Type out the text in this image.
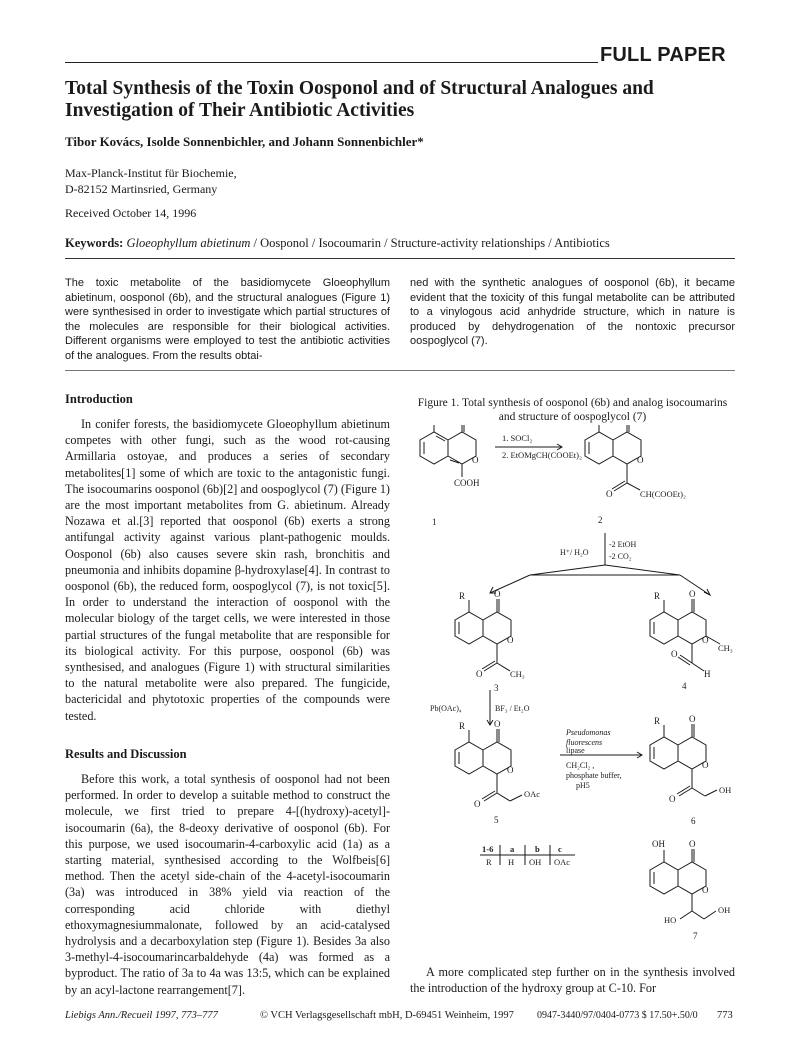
FULL PAPER
Total Synthesis of the Toxin Oosponol and of Structural Analogues and Investigation of Their Antibiotic Activities
Tibor Kovács, Isolde Sonnenbichler, and Johann Sonnenbichler*
Max-Planck-Institut für Biochemie,
D-82152 Martinsried, Germany
Received October 14, 1996
Keywords: Gloeophyllum abietinum / Oosponol / Isocoumarin / Structure-activity relationships / Antibiotics
The toxic metabolite of the basidiomycete Gloeophyllum abietinum, oosponol (6b), and the structural analogues (Figure 1) were synthesised in order to investigate which partial structures of the molecules are responsible for their biological activities. Different organisms were employed to test the antibiotic activities of the analogues. From the results obtai-
ned with the synthetic analogues of oosponol (6b), it became evident that the toxicity of this fungal metabolite can be attributed to a vinylogous acid anhydride structure, which in nature is produced by dehydrogenation of the nontoxic precursor oospoglycol (7).
Introduction

In conifer forests, the basidiomycete Gloeophyllum abietinum competes with other fungi, such as the wood rot-causing Armillaria ostoyae, and produces a series of secondary metabolites[1] some of which are toxic to the antagonistic fungi. The isocoumarins oosponol (6b)[2] and oospoglycol (7) (Figure 1) are the most important metabolites from G. abietinum. Already Nozawa et al.[3] reported that oosponol (6b) exerts a strong antifungal activity against various plant-pathogenic moulds. Oosponol (6b) also causes severe skin rash, bronchitis and pneumonia and inhibits dopamine β-hydroxylase[4]. In contrast to oosponol (6b), the reduced form, oospoglycol (7), is not toxic[5]. In order to understand the interaction of oosponol with the molecular biology of the target cells, we were interested in those partial structures of the fungal metabolite that are responsible for its biological activity. For this purpose, oosponol (6b) was synthesised, and analogues (Figure 1) with structural similarities to the natural metabolite were also prepared. The fungicide, bactericidal and phytotoxic properties of the compounds were tested.

Results and Discussion

Before this work, a total synthesis of oosponol had not been performed. In order to develop a suitable method to construct the molecule, we first tried to prepare 4-[(hydroxy)-acetyl]-isocoumarin (6a), the 8-deoxy derivative of oosponol (6b). For this purpose, we used isocoumarin-4-carboxylic acid (1a) as a starting material, synthesised according to the Wolfbeis[6] method. Then the acetyl side-chain of the 4-acetyl-isocoumarin (3a) was introduced in 38% yield via reaction of the corresponding acid chloride with diethyl ethoxymagnesiummalonate, followed by an acid-catalysed hydrolysis and a decarboxylation step (Figure 1). Besides 3a also 3-methyl-4-isocoumarincarbaldehyde (4a) was formed as a byproduct. The ratio of 3a to 4a was 13:5, which can be explained by an acyl-lactone rearrangement[7].

Figure 1. Total synthesis of oosponol (6b) and analog isocoumarins and structure of oospoglycol (7)
O
COOH
1
1. SOCl₂
2. EtOMgCH(COOEt)₂	O
O	CH(COOEt)₂
2
H⁺/ H₂O
-2 EtOH
-2 CO₂
R	O
O
O	CH₃
3
R	O
O
CH₃
O
H
4
Pb(OAc)₄	BF₃ / Et₂O
R	O
O
O
OAc
5
Pseudomonas
fluorescens
lipase
CH₂Cl₂ ,
phosphate buffer,
pH5
R	O
O
O
OH
6
1-6 a b c
R H OH OAc
OH	O
O
HO
OH
7

A more complicated step further on in the synthesis involved the introduction of the hydroxy group at C-10. For

Liebigs Ann./Recueil 1997, 773–777	© VCH Verlagsgesellschaft mbH, D-69451 Weinheim, 1997 0947-3440/97/0404-0773 $ 17.50+.50/0 773
